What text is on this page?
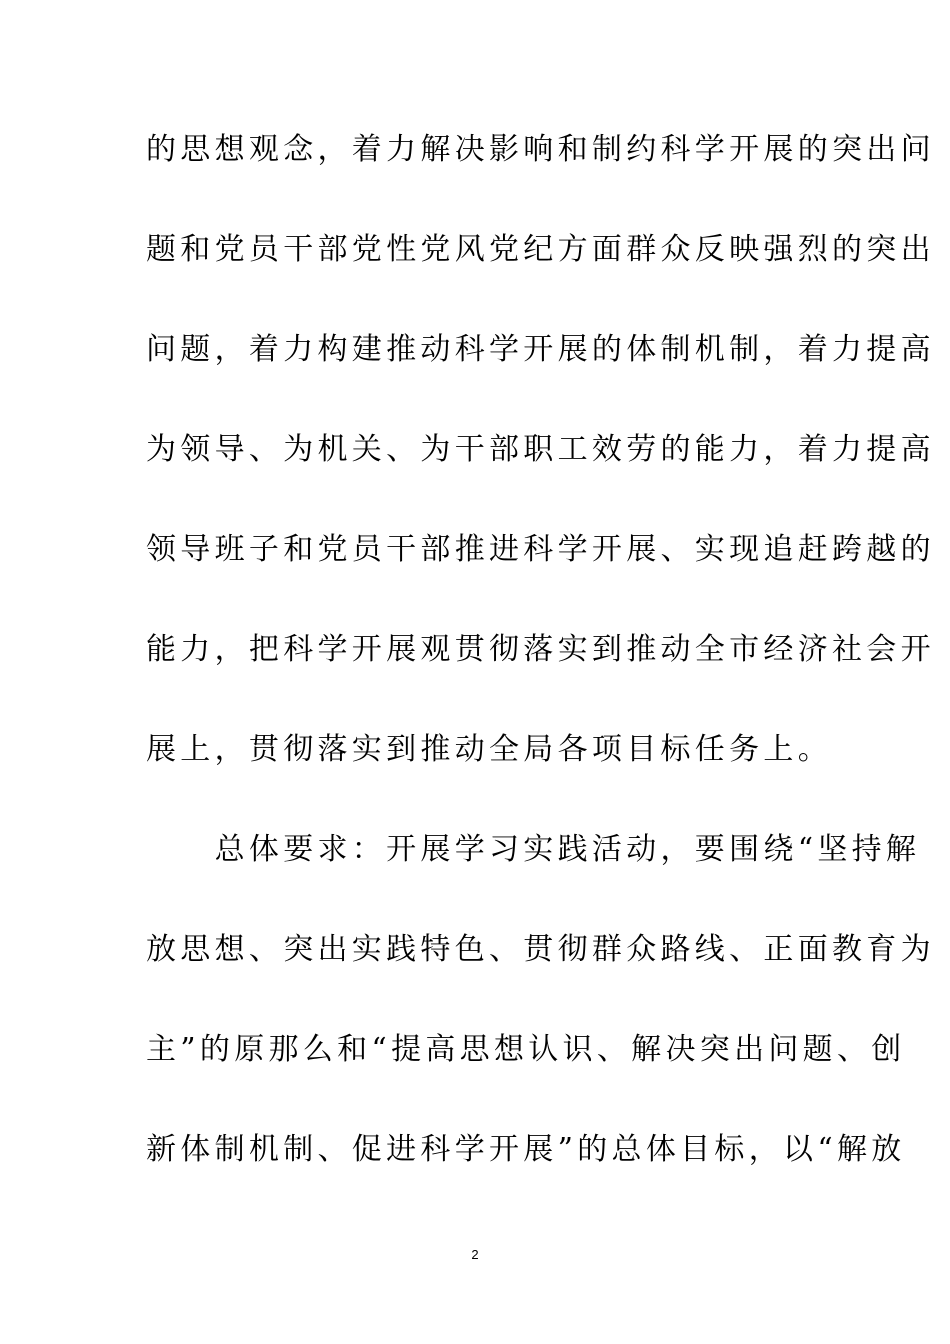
的思想观念，着力解决影响和制约科学开展的突出问
题和党员干部党性党风党纪方面群众反映强烈的突出
问题，着力构建推动科学开展的体制机制，着力提高
为领导、为机关、为干部职工效劳的能力，着力提高
领导班子和党员干部推进科学开展、实现追赶跨越的
能力，把科学开展观贯彻落实到推动全市经济社会开
展上，贯彻落实到推动全局各项目标任务上。
　　总体要求：开展学习实践活动，要围绕“坚持解
放思想、突出实践特色、贯彻群众路线、正面教育为
主”的原那么和“提高思想认识、解决突出问题、创
新体制机制、促进科学开展”的总体目标，以“解放
2
